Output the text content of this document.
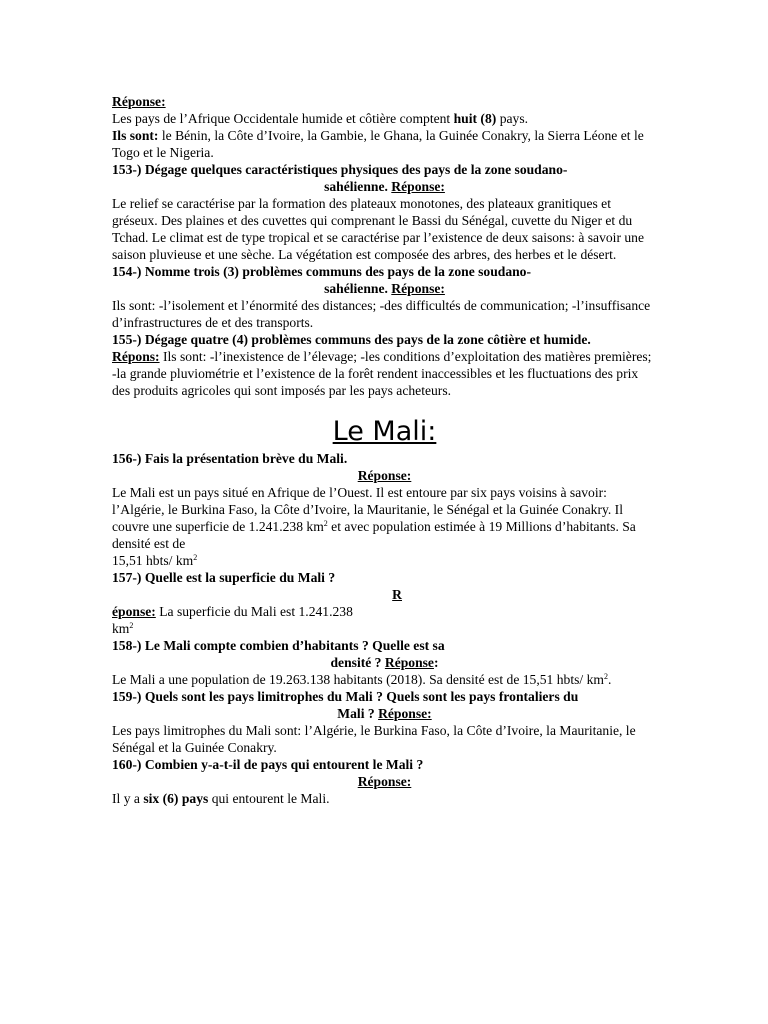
Réponse:

Les pays de l’Afrique Occidentale humide et côtière comptent huit (8) pays.

Ils sont: le Bénin, la Côte d’Ivoire, la Gambie, le Ghana, la Guinée Conakry, la Sierra Léone et le Togo et le Nigeria.

153-) Dégage quelques caractéristiques physiques des pays de la zone soudano-
sahélienne. Réponse:

Le relief se caractérise par la formation des plateaux monotones, des plateaux granitiques et gréseux. Des plaines et des cuvettes qui comprenant le Bassi du Sénégal, cuvette du Niger et du Tchad. Le climat est de type tropical et se caractérise par l’existence de deux saisons: à savoir une saison pluvieuse et une sèche. La végétation est composée des arbres, des herbes et le désert.

154-) Nomme trois (3) problèmes communs des pays de la zone soudano-
sahélienne. Réponse:

Ils sont: -l’isolement et l’énormité des distances; -des difficultés de communication; -l’insuffisance d’infrastructures de et des transports.

155-) Dégage quatre (4) problèmes communs des pays de la zone côtière et humide.

Répons: Ils sont: -l’inexistence de l’élevage; -les conditions d’exploitation des matières premières; -la grande pluviométrie et l’existence de la forêt rendent inaccessibles et les fluctuations des prix des produits agricoles qui sont imposés par les pays acheteurs.

Le Mali:

156-) Fais la présentation brève du Mali.

Réponse:

Le Mali est un pays situé en Afrique de l’Ouest. Il est entoure par six pays voisins à savoir: l’Algérie, le Burkina Faso, la Côte d’Ivoire, la Mauritanie, le Sénégal et la Guinée Conakry. Il couvre une superficie de 1.241.238 $km^2$ et avec population estimée à 19 Millions d’habitants. Sa densité est de

15,51 hbts/ $km^2$

157-) Quelle est la superficie du Mali ?

R
éponse: La superficie du Mali est 1.241.238
$km^2$

158-) Le Mali compte combien d’habitants ? Quelle est sa
densité ? Réponse:

Le Mali a une population de 19.263.138 habitants (2018). Sa densité est de 15,51 hbts/ $km^2$.

159-) Quels sont les pays limitrophes du Mali ? Quels sont les pays frontaliers du
Mali ? Réponse:

Les pays limitrophes du Mali sont: l’Algérie, le Burkina Faso, la Côte d’Ivoire, la Mauritanie, le Sénégal et la Guinée Conakry.

160-) Combien y-a-t-il de pays qui entourent le Mali ?

Réponse:

Il y a six (6) pays qui entourent le Mali.
